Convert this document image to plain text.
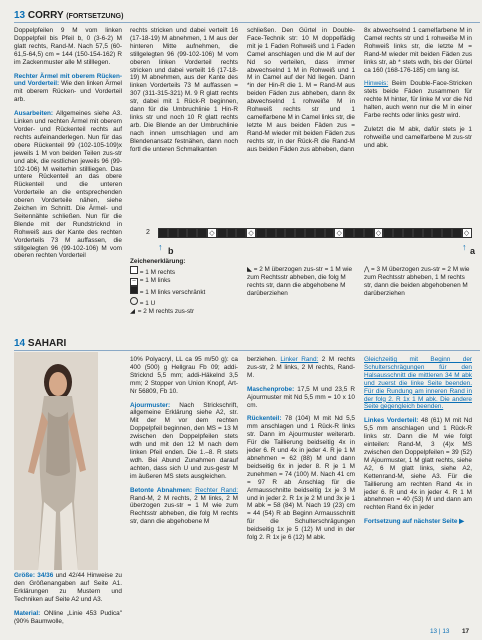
13 CORRY (FORTSETZUNG)

Doppelpfeilen 9 M vom linken Doppelpfeil bis Pfeil b, 0 (3-6-2) M glatt rechts, Rand-M. Nach 57,5 (60-61,5-64,5) cm = 144 (150-154-162) R im Zackenmuster alle M stilllegen.

Rechter Ärmel mit oberem Rücken- und Vorderteil: Wie den linken Ärmel mit oberem Rücken- und Vorderteil arb.

Ausarbeiten: Allgemeines siehe A3. Linken und rechten Ärmel mit oberem Vorder- und Rückenteil rechts auf rechts aufeinanderlegen. Nun für das obere Rückenteil 99 (102-105-109)x jeweils 1 M von beiden Teilen zus-str und abk, die restlichen jeweils 96 (99-102-106) M weiterhin stillliegen. Das untere Rückenteil an das obere Rückenteil und die unteren Vorderteile an die entsprechenden oberen Vorderteile nähen, siehe Zeichen im Schnitt. Die Ärmel- und Seitennähte schließen. Nun für die Blende mit der Rundstricknd in Rohweiß aus der Kante des rechten Vorderteils 73 M auffassen, die stillgelegten 96 (99-102-106) M vom oberen rechten Vorderteil

rechts stricken und dabei verteilt 16 (17-18-19) M abnehmen, 1 M aus der hinteren Mitte aufnehmen, die stillgelegten 96 (99-102-106) M vom oberen linken Vorderteil rechts stricken und dabei verteilt 16 (17-18-19) M abnehmen, aus der Kante des linken Vorderteils 73 M auffassen = 307 (311-315-321) M. 9 R glatt rechts str, dabei mit 1 Rück-R beginnen, dann für die Umbruchlinie 1 Hin-R links str und noch 10 R glatt rechts arb. Die Blende an der Umbruchlinie nach innen umschlagen und am Blendenansatz festnähen, dann noch fortl die unteren Schmalkanten

schließen. Den Gürtel in Double-Face-Technik str: 10 M doppelfädig mit je 1 Faden Rohweiß und 1 Faden Camel anschlagen und die M auf der Nd so verteilen, dass immer abwechselnd 1 M in Rohweiß und 1 M in Camel auf der Nd liegen. Dann *in der Hin-R die 1. M = Rand-M aus beiden Fäden zus abheben, dann 8x abwechselnd 1 rohweiße M in Rohweiß rechts str und 1 camelfarbene M in Camel links str, die letzte M aus beiden Fäden zus = Rand-M wieder mit beiden Fäden zus rechts str, in der Rück-R die Rand-M aus beiden Fäden zus abheben, dann

8x abwechselnd 1 camelfarbene M in Camel rechts str und 1 rohweiße M in Rohweiß links str, die letzte M = Rand-M wieder mit beiden Fäden zus links str, ab * stets wdh, bis der Gürtel ca 160 (168-176-185) cm lang ist.

Hinweis: Beim Double-Face-Stricken stets beide Fäden zusammen für rechte M hinter, für linke M vor die Nd halten, auch wenn nur die M in einer Farbe rechts oder links gestr wird.

Zuletzt die M abk, dafür stets je 1 rohweiße und camelfarbene M zus-str und abk.

2	◇	◇	◇	◇	◇
↑ b	↑ a
Zeichenerklärung:
= 1 M rechts
– = 1 M links
= 1 M links verschränkt
= 1 U
◢ = 2 M rechts zus-str
◣ = 2 M überzogen zus-str = 1 M wie zum Rechtsstr abheben, die folg M rechts str, dann die abgehobene M darüberziehen
⋀ = 3 M überzogen zus-str = 2 M wie zum Rechtsstr abheben, 1 M rechts str, dann die beiden abgehobenen M darüberziehen
14 SAHARI

Größe: 34/36 und 42/44 Hinweise zu den Größenangaben auf Seite A1. Erklärungen zu Mustern und Techniken auf Seite A2 und A3.

Material: ONline „Linie 453 Pudica" (90% Baumwolle,

10% Polyacryl, LL ca 95 m/50 g): ca 400 (500) g Hellgrau Fb 09; addi-Stricknd 5,5 mm; addi-Häkelnd 3,5 mm; 2 Stopper von Union Knopf, Art-Nr 56809, Fb 10.

Ajourmuster: Nach Strickschrift, allgemeine Erklärung siehe A2, str. Mit der M vor dem rechten Doppelpfeil beginnen, den MS = 13 M zwischen den Doppelpfeilen stets wdh und mit den 12 M nach dem linken Pfeil enden. Die 1.–8. R stets wdh. Bei Abund Zunahmen darauf achten, dass sich U und zus-gestr M im äußeren MS stets ausgleichen.

Betonte Abnahmen: Rechter Rand: Rand-M, 2 M rechts, 2 M links, 2 M überzogen zus-str = 1 M wie zum Rechtsstr abheben, die folg M rechts str, dann die abgehobene M

berziehen. Linker Rand: 2 M rechts zus-str, 2 M links, 2 M rechts, Rand-M.

Maschenprobe: 17,5 M und 23,5 R Ajourmuster mit Nd 5,5 mm = 10 x 10 cm.

Rückenteil: 78 (104) M mit Nd 5,5 mm anschlagen und 1 Rück-R links str. Dann im Ajourmuster weiterarb. Für die Taillierung beidseitig 4x in jeder 6. R und 4x in jeder 4. R je 1 M abnehmen = 62 (88) M und dann beidseitig 6x in jeder 8. R je 1 M zunehmen = 74 (100) M. Nach 41 cm = 97 R ab Anschlag für die Armausschnitte beidseitig 1x je 3 M und in jeder 2. R 1x je 2 M und 3x je 1 M abk = 58 (84) M. Nach 19 (23) cm = 44 (54) R ab Beginn Armausschnitt für die Schulterschrägungen beidseitig 1x je 5 (12) M und in der folg 2. R 1x je 6 (12) M abk.

Gleichzeitig mit Beginn der Schulterschrägungen für den Halsausschnitt die mittleren 34 M abk und zuerst die linke Seite beenden. Für die Rundung am inneren Rand in der folg 2. R 1x 1 M abk. Die andere Seite gegengleich beenden.

Linkes Vorderteil: 48 (61) M mit Nd 5,5 mm anschlagen und 1 Rück-R links str. Dann die M wie folgt einteilen: Rand-M, 3 (4)x MS zwischen den Doppelpfeilen = 39 (52) M Ajourmuster, 1 M glatt rechts, siehe A2, 6 M glatt links, siehe A2, Kettenrand-M, siehe A3. Für die Taillierung am rechten Rand 4x in jeder 6. R und 4x in jeder 4. R 1 M abnehmen = 40 (53) M und dann am rechten Rand 6x in jeder

Fortsetzung auf nächster Seite ▶

13 | 13 17
